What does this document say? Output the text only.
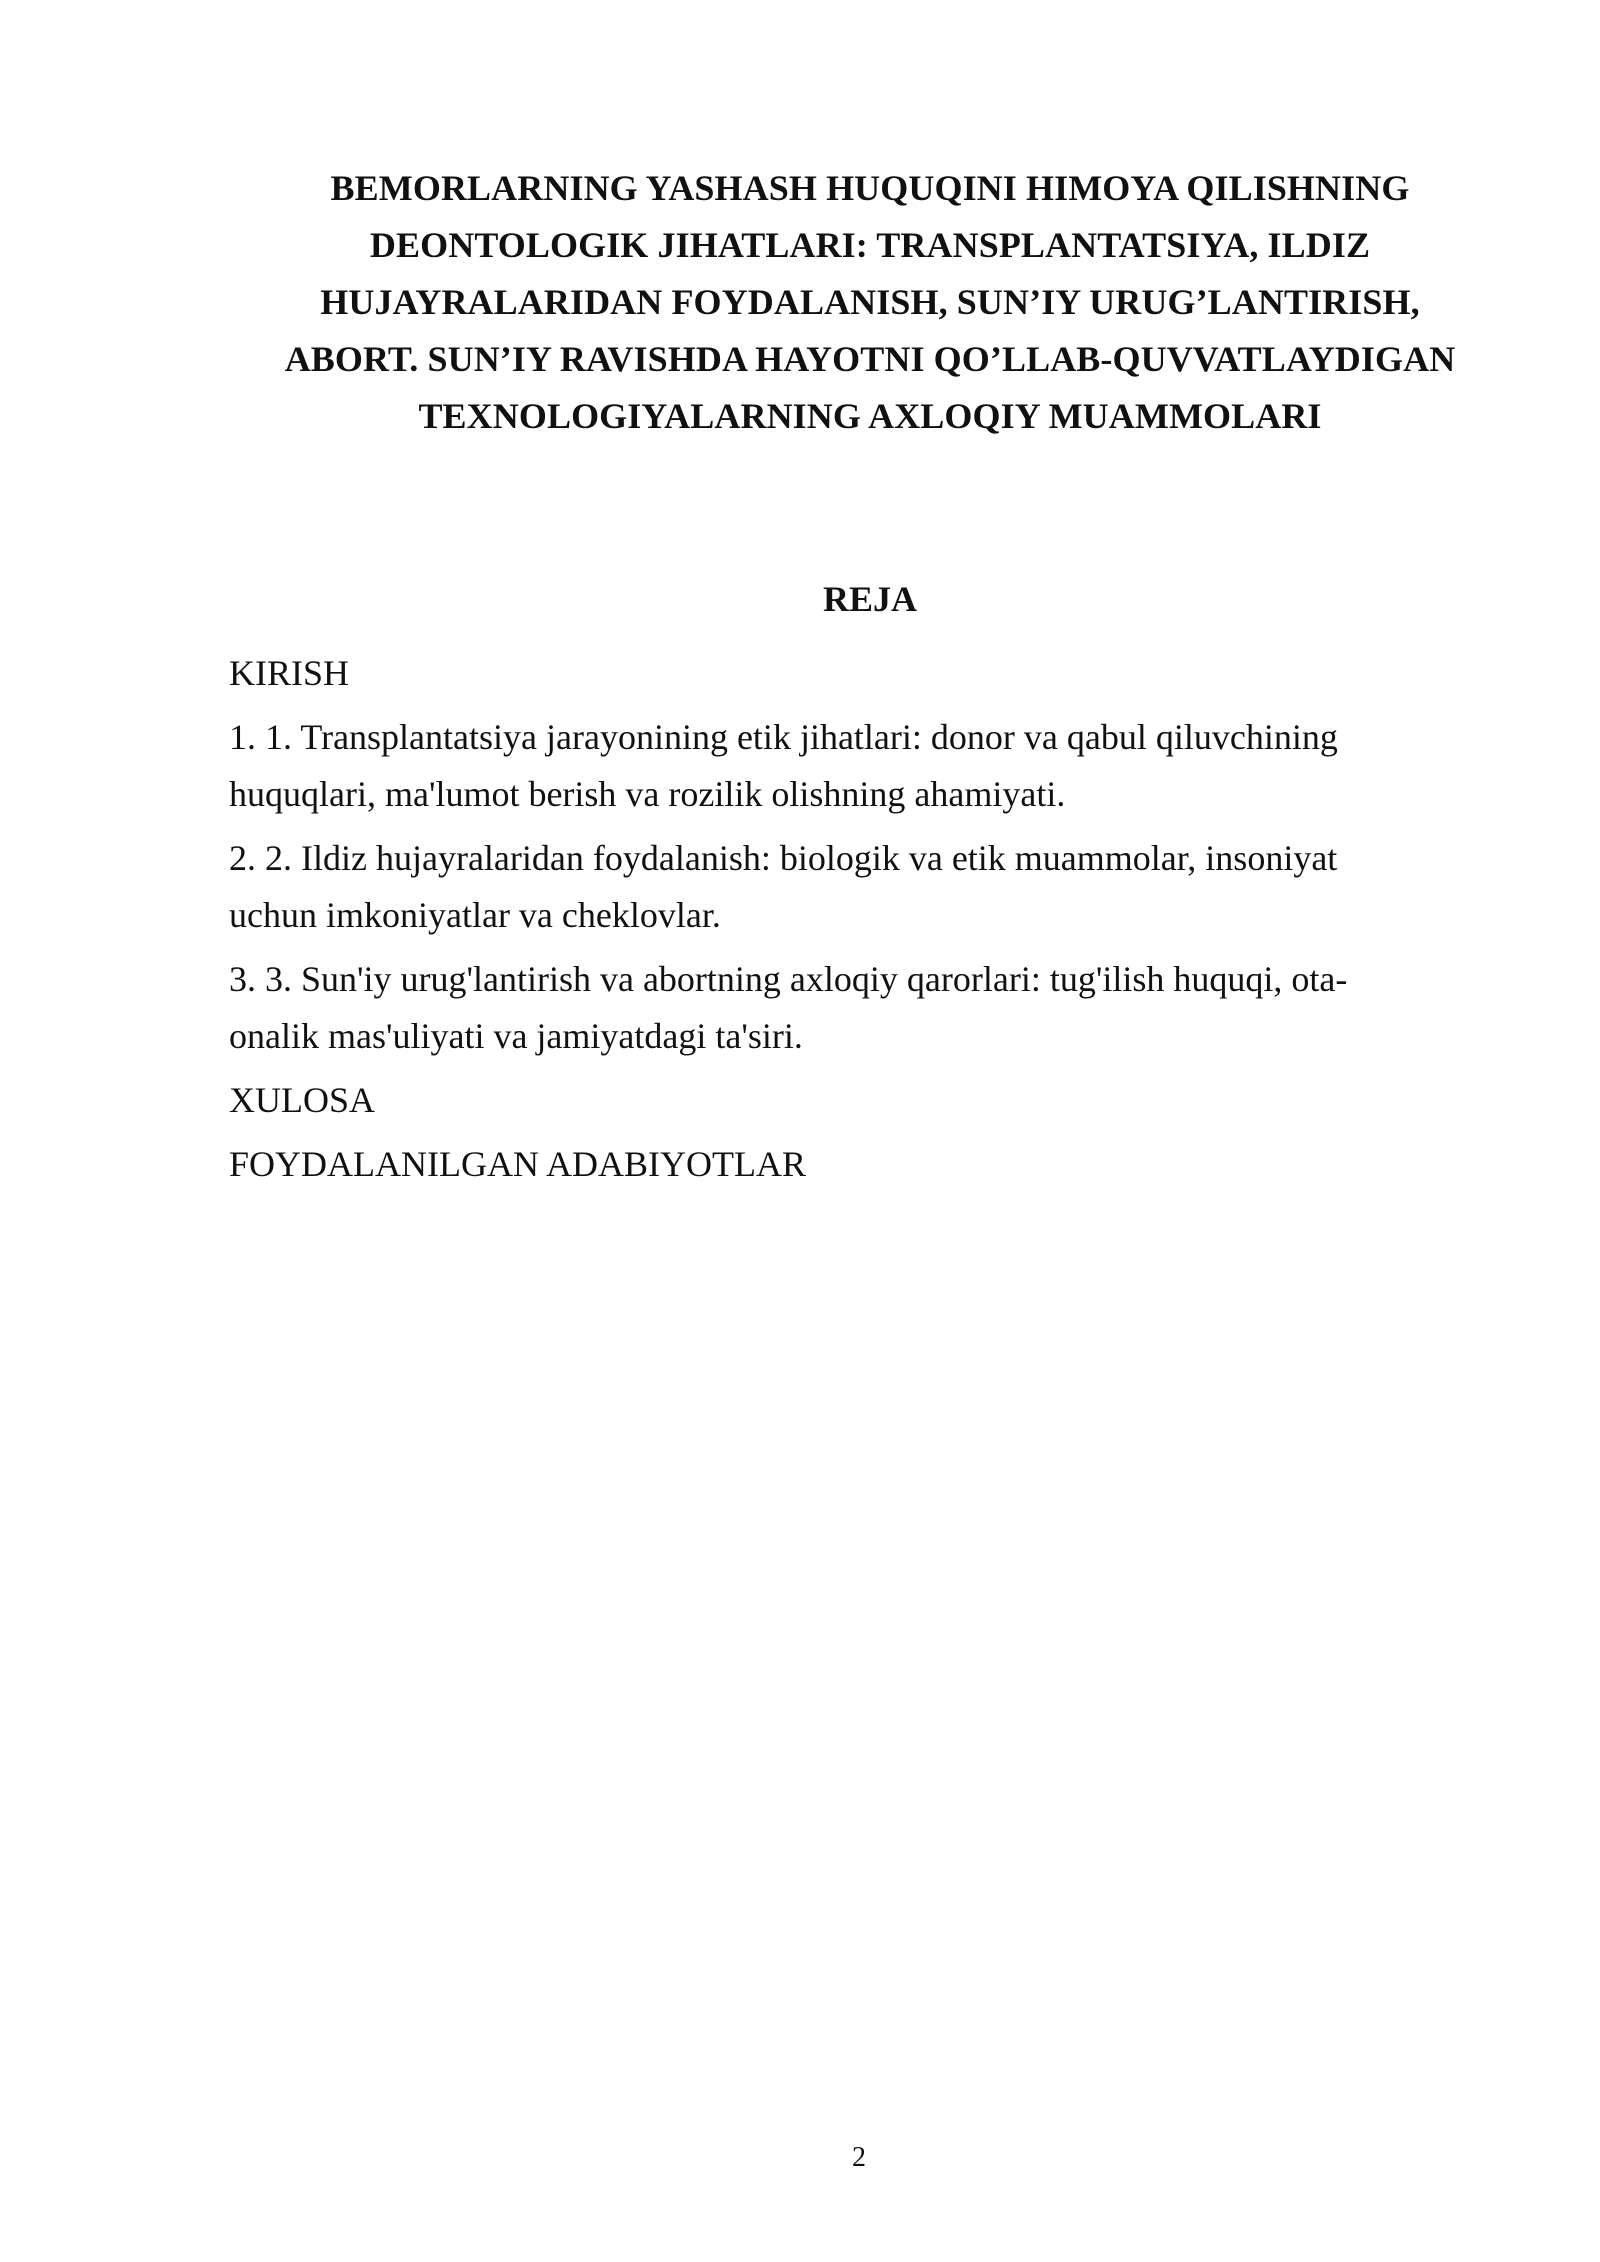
BEMORLARNING YASHASH HUQUQINI HIMOYA QILISHNING
DEONTOLOGIK JIHATLARI: TRANSPLANTATSIYA, ILDIZ
HUJAYRALARIDAN FOYDALANISH, SUN’IY URUG’LANTIRISH,
ABORT. SUN’IY RAVISHDA HAYOTNI QO’LLAB-QUVVATLAYDIGAN
TEXNOLOGIYALARNING AXLOQIY MUAMMOLARI
REJA
KIRISH
1. 1. Transplantatsiya jarayonining etik jihatlari: donor va qabul qiluvchining
huquqlari, ma'lumot berish va rozilik olishning ahamiyati.
2. 2. Ildiz hujayralaridan foydalanish: biologik va etik muammolar, insoniyat
uchun imkoniyatlar va cheklovlar.
3. 3. Sun'iy urug'lantirish va abortning axloqiy qarorlari: tug'ilish huquqi, ota-
onalik mas'uliyati va jamiyatdagi ta'siri.
XULOSA
FOYDALANILGAN ADABIYOTLAR
2
